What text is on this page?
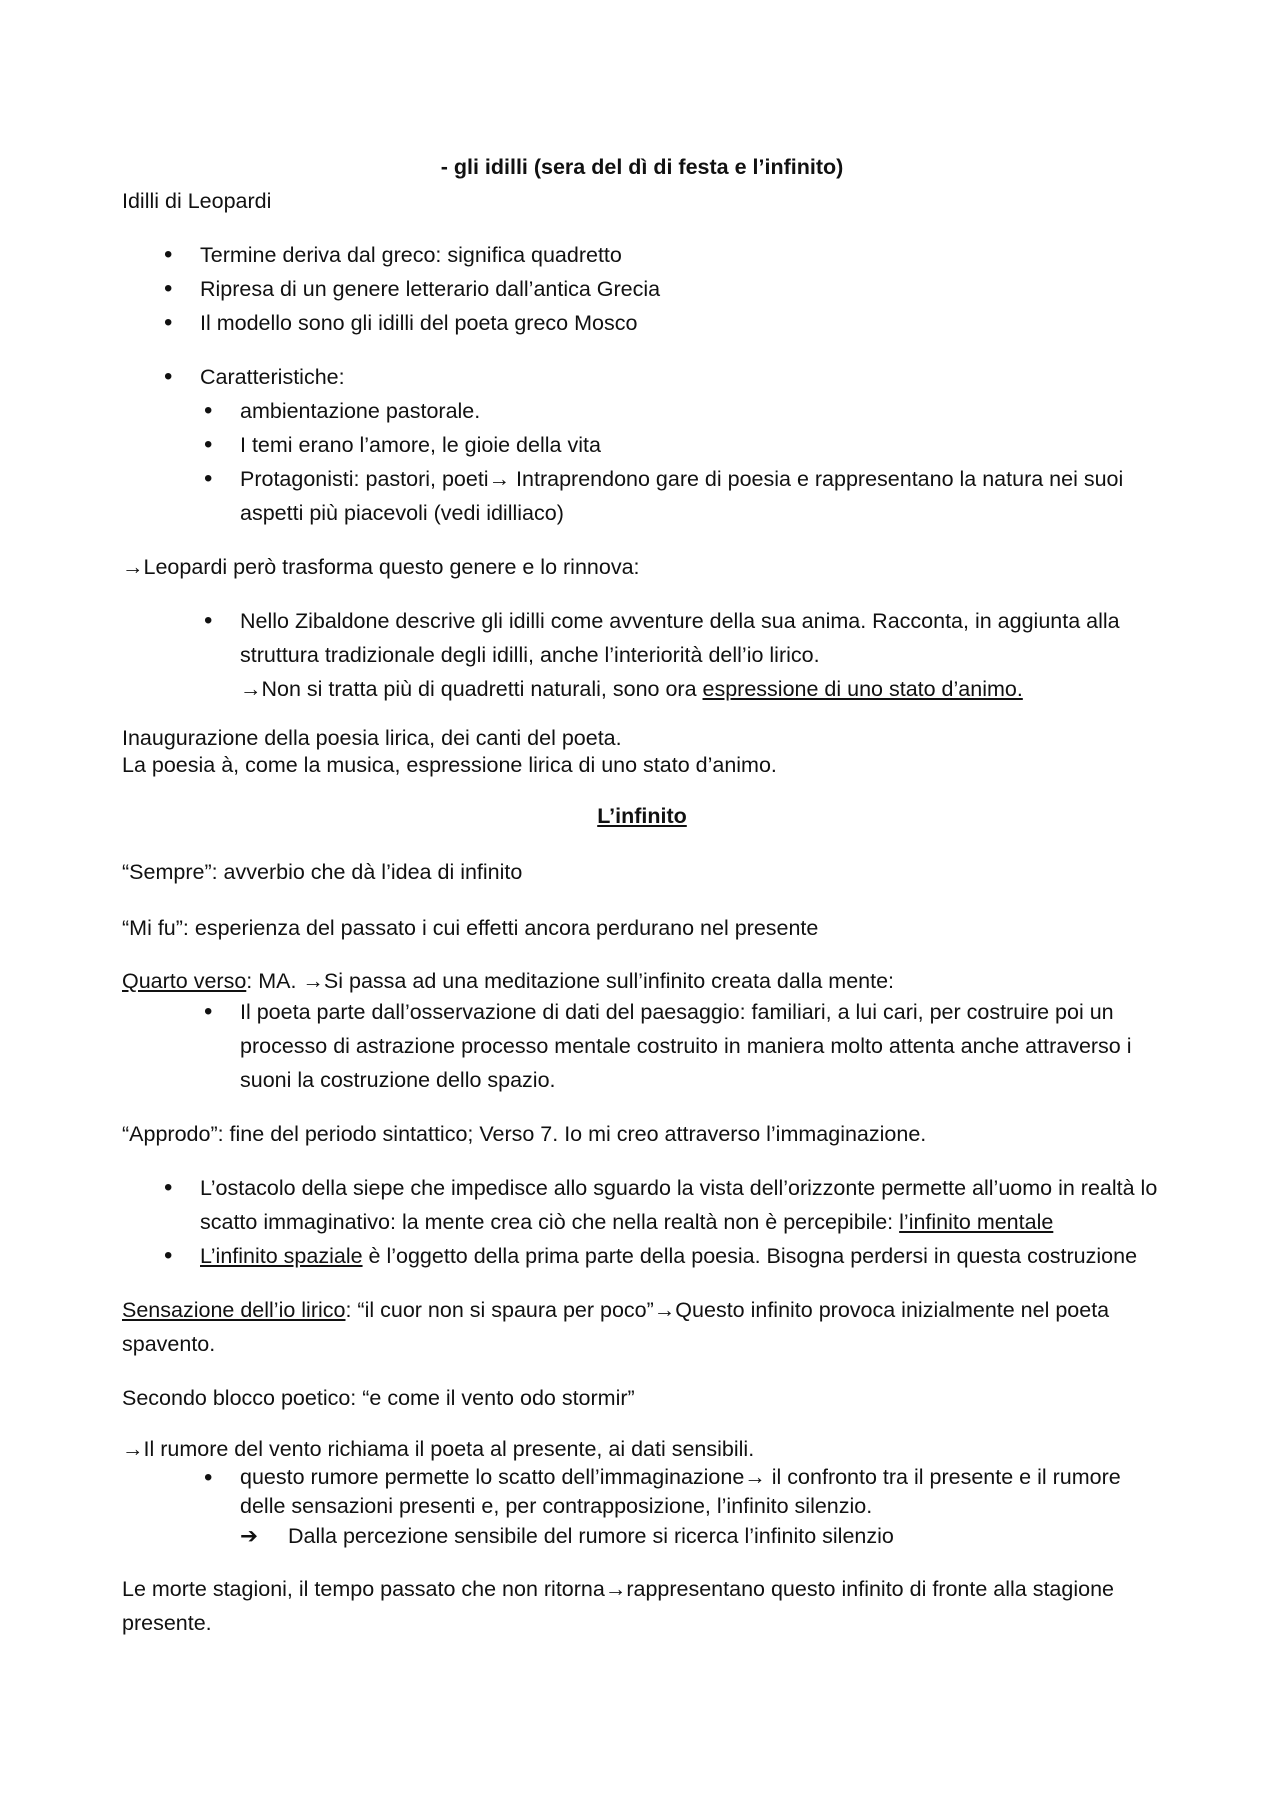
- gli idilli (sera del dì di festa e l’infinito)

Idilli di Leopardi

• Termine deriva dal greco: significa quadretto
• Ripresa di un genere letterario dall’antica Grecia
• Il modello sono gli idilli del poeta greco Mosco
• Caratteristiche:
• ambientazione pastorale.
• I temi erano l’amore, le gioie della vita
• Protagonisti: pastori, poeti→ Intraprendono gare di poesia e rappresentano la natura nei suoi aspetti più piacevoli (vedi idilliaco)

→Leopardi però trasforma questo genere e lo rinnova:

• Nello Zibaldone descrive gli idilli come avventure della sua anima. Racconta, in aggiunta alla struttura tradizionale degli idilli, anche l’interiorità dell’io lirico.
→Non si tratta più di quadretti naturali, sono ora espressione di uno stato d’animo.

Inaugurazione della poesia lirica, dei canti del poeta.

La poesia à, come la musica, espressione lirica di uno stato d’animo.

L’infinito

“Sempre”: avverbio che dà l’idea di infinito

“Mi fu”: esperienza del passato i cui effetti ancora perdurano nel presente

Quarto verso: MA. →Si passa ad una meditazione sull’infinito creata dalla mente:

• Il poeta parte dall’osservazione di dati del paesaggio: familiari, a lui cari, per costruire poi un processo di astrazione processo mentale costruito in maniera molto attenta anche attraverso i suoni la costruzione dello spazio.

“Approdo”: fine del periodo sintattico; Verso 7. Io mi creo attraverso l’immaginazione.

• L’ostacolo della siepe che impedisce allo sguardo la vista dell’orizzonte permette all’uomo in realtà lo scatto immaginativo: la mente crea ciò che nella realtà non è percepibile: l’infinito mentale
• L’infinito spaziale è l’oggetto della prima parte della poesia. Bisogna perdersi in questa costruzione

Sensazione dell’io lirico: “il cuor non si spaura per poco”→Questo infinito provoca inizialmente nel poeta spavento.

Secondo blocco poetico: “e come il vento odo stormir”

→Il rumore del vento richiama il poeta al presente, ai dati sensibili.

• questo rumore permette lo scatto dell’immaginazione→ il confronto tra il presente e il rumore delle sensazioni presenti e, per contrapposizione, l’infinito silenzio.
➔ Dalla percezione sensibile del rumore si ricerca l’infinito silenzio

Le morte stagioni, il tempo passato che non ritorna→rappresentano questo infinito di fronte alla stagione presente.
